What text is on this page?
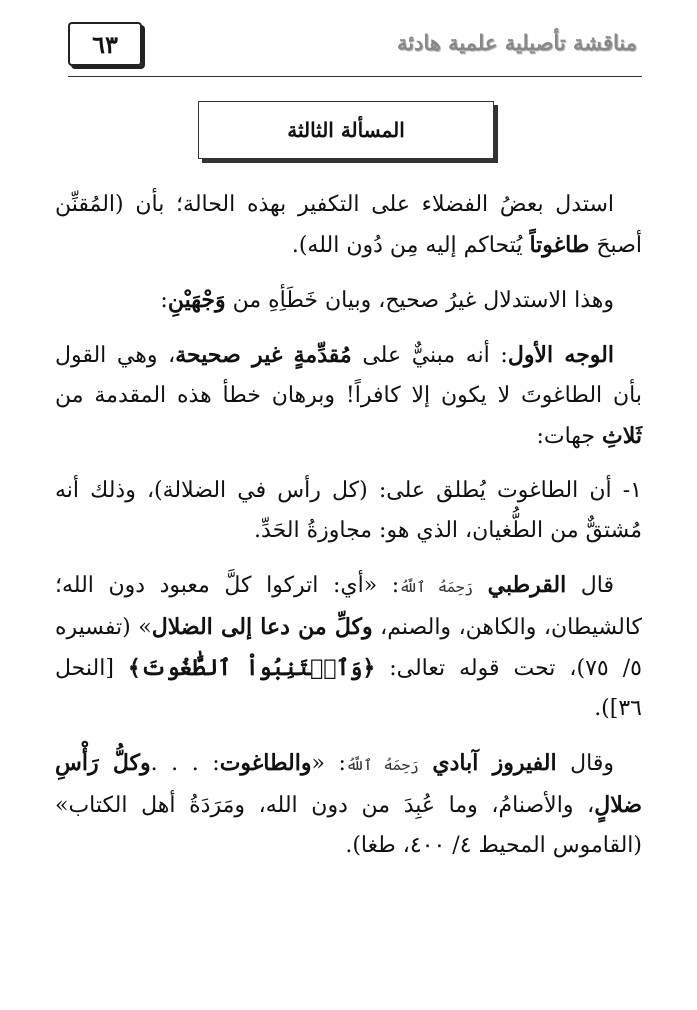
٦٣	مناقشة تأصيلية علمية هادئة
المسألة الثالثة

استدل بعضُ الفضلاء على التكفير بهذه الحالة؛ بأن (المُقنِّن أصبحَ طاغوتاً يُتحاكم إليه مِن دُون الله).

وهذا الاستدلال غيرُ صحيح، وبيان خَطَأِهِ من وَجْهَيْنِ:

الوجه الأول: أنه مبنيٌّ على مُقدِّمةٍ غير صحيحة، وهي القول بأن الطاغوتَ لا يكون إلا كافراً! وبرهان خطأ هذه المقدمة من ثَلاثِ جهات:

١- أن الطاغوت يُطلق على: (كل رأس في الضلالة)، وذلك أنه مُشتقٌّ من الطُّغيان، الذي هو: مجاوزةُ الحَدِّ.

قال القرطبي رَحِمَهُ ٱللَّهُ: «أي: اتركوا كلَّ معبود دون الله؛ كالشيطان، والكاهن، والصنم، وكلِّ من دعا إلى الضلال» (تفسيره ٥/ ٧٥)، تحت قوله تعالى: ﴿وَٱجۡتَنِبُواْ ٱلطَّٰغُوتَ﴾ [النحل ٣٦]).

وقال الفيروز آبادي رَحِمَهُ ٱللَّهُ: «والطاغوت: . . .وكلُّ رَأْسِ ضلالٍ، والأصنامُ، وما عُبِدَ من دون الله، ومَرَدَةُ أهل الكتاب» (القاموس المحيط ٤/ ٤٠٠، طغا).
